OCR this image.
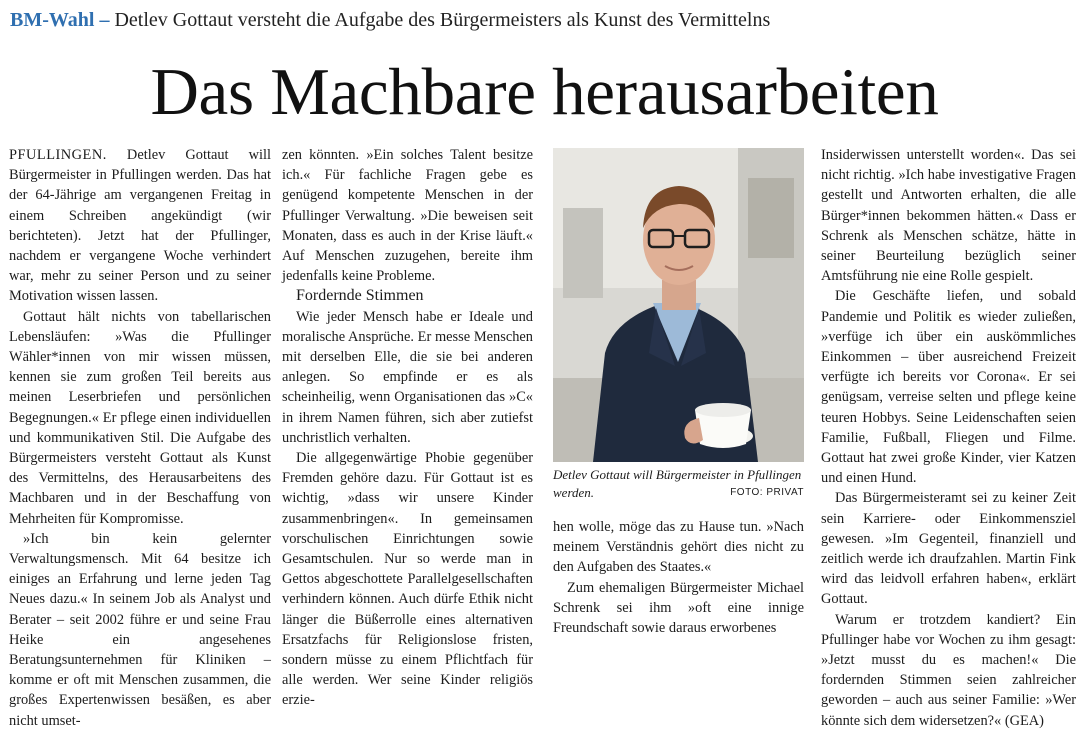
BM-Wahl – Detlev Gottaut versteht die Aufgabe des Bürgermeisters als Kunst des Vermittelns
Das Machbare herausarbeiten

PFULLINGEN. Detlev Gottaut will Bürgermeister in Pfullingen werden. Das hat der 64-Jährige am vergangenen Freitag in einem Schreiben angekündigt (wir berichteten). Jetzt hat der Pfullinger, nachdem er vergangene Woche verhindert war, mehr zu seiner Person und zu seiner Motivation wissen lassen.

Gottaut hält nichts von tabellarischen Lebensläufen: »Was die Pfullinger Wähler*innen von mir wissen müssen, kennen sie zum großen Teil bereits aus meinen Leserbriefen und persönlichen Begegnungen.« Er pflege einen individuellen und kommunikativen Stil. Die Aufgabe des Bürgermeisters versteht Gottaut als Kunst des Vermittelns, des Herausarbeitens des Machbaren und in der Beschaffung von Mehrheiten für Kompromisse.

»Ich bin kein gelernter Verwaltungsmensch. Mit 64 besitze ich einiges an Erfahrung und lerne jeden Tag Neues dazu.« In seinem Job als Analyst und Berater – seit 2002 führe er und seine Frau Heike ein angesehenes Beratungsunternehmen für Kliniken – komme er oft mit Menschen zusammen, die großes Expertenwissen besäßen, es aber nicht umset-

zen könnten. »Ein solches Talent besitze ich.« Für fachliche Fragen gebe es genügend kompetente Menschen in der Pfullinger Verwaltung. »Die beweisen seit Monaten, dass es auch in der Krise läuft.« Auf Menschen zuzugehen, bereite ihm jedenfalls keine Probleme.

Fordernde Stimmen

Wie jeder Mensch habe er Ideale und moralische Ansprüche. Er messe Menschen mit derselben Elle, die sie bei anderen anlegen. So empfinde er es als scheinheilig, wenn Organisationen das »C« in ihrem Namen führen, sich aber zutiefst unchristlich verhalten.

Die allgegenwärtige Phobie gegenüber Fremden gehöre dazu. Für Gottaut ist es wichtig, »dass wir unsere Kinder zusammenbringen«. In gemeinsamen vorschulischen Einrichtungen sowie Gesamtschulen. Nur so werde man in Gettos abgeschottete Parallelgesellschaften verhindern können. Auch dürfe Ethik nicht länger die Büßerrolle eines alternativen Ersatzfachs für Religionslose fristen, sondern müsse zu einem Pflichtfach für alle werden. Wer seine Kinder religiös erzie-

Detlev Gottaut will Bürgermeister in Pfullingen werden.	FOTO: PRIVAT

hen wolle, möge das zu Hause tun. »Nach meinem Verständnis gehört dies nicht zu den Aufgaben des Staates.«

Zum ehemaligen Bürgermeister Michael Schrenk sei ihm »oft eine innige Freundschaft sowie daraus erworbenes

Insiderwissen unterstellt worden«. Das sei nicht richtig. »Ich habe investigative Fragen gestellt und Antworten erhalten, die alle Bürger*innen bekommen hätten.« Dass er Schrenk als Menschen schätze, hätte in seiner Beurteilung bezüglich seiner Amtsführung nie eine Rolle gespielt.

Die Geschäfte liefen, und sobald Pandemie und Politik es wieder zuließen, »verfüge ich über ein auskömmliches Einkommen – über ausreichend Freizeit verfügte ich bereits vor Corona«. Er sei genügsam, verreise selten und pflege keine teuren Hobbys. Seine Leidenschaften seien Familie, Fußball, Fliegen und Filme. Gottaut hat zwei große Kinder, vier Katzen und einen Hund.

Das Bürgermeisteramt sei zu keiner Zeit sein Karriere- oder Einkommensziel gewesen. »Im Gegenteil, finanziell und zeitlich werde ich draufzahlen. Martin Fink wird das leidvoll erfahren haben«, erklärt Gottaut.

Warum er trotzdem kandiert? Ein Pfullinger habe vor Wochen zu ihm gesagt: »Jetzt musst du es machen!« Die fordernden Stimmen seien zahlreicher geworden – auch aus seiner Familie: »Wer könnte sich dem widersetzen?« (GEA)
